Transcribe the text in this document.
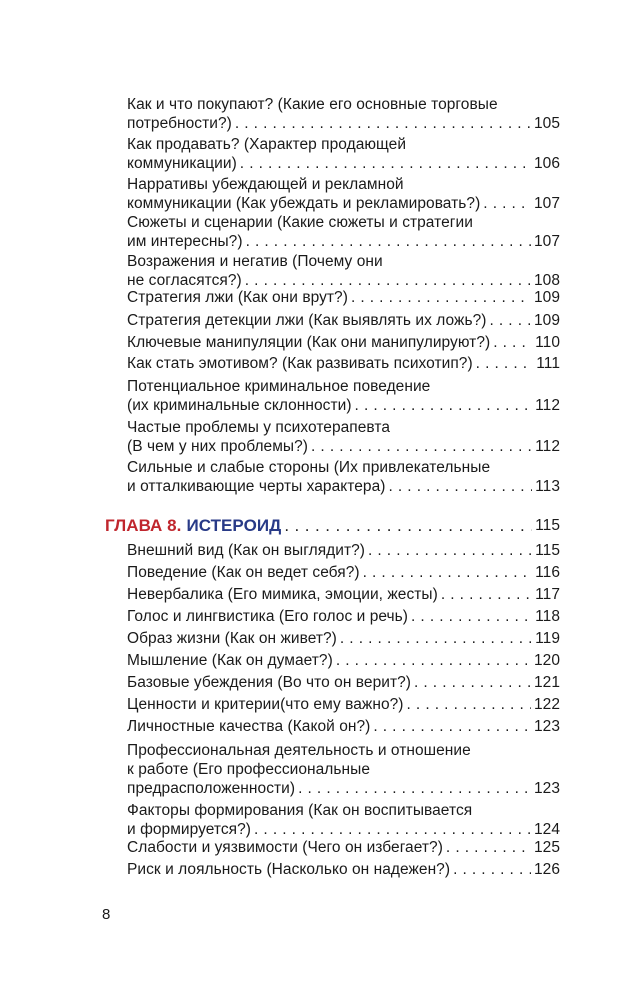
Как и что покупают? (Какие его основные торговые
потребности?) . . .	105
Как продавать? (Характер продающей
коммуникации) . . .	106
Нарративы убеждающей и рекламной
коммуникации (Как убеждать и рекламировать?) . . .	107
Сюжеты и сценарии (Какие сюжеты и стратегии
им интересны?) . . .	107
Возражения и негатив (Почему они
не согласятся?) . . .	108
Стратегия лжи (Как они врут?) . . .	109
Стратегия детекции лжи (Как выявлять их ложь?) . . .	109
Ключевые манипуляции (Как они манипулируют?) . . .	110
Как стать эмотивом? (Как развивать психотип?) . . .	111
Потенциальное криминальное поведение
(их криминальные склонности) . . .	112
Частые проблемы у психотерапевта
(В чем у них проблемы?) . . .	112
Сильные и слабые стороны (Их привлекательные
и отталкивающие черты характера) . . .	113
ГЛАВА 8. ИСТЕРОИД . . .	115
Внешний вид (Как он выглядит?) . . .	115
Поведение (Как он ведет себя?) . . .	116
Невербалика (Его мимика, эмоции, жесты) . . .	117
Голос и лингвистика (Его голос и речь) . . .	118
Образ жизни (Как он живет?) . . .	119
Мышление (Как он думает?) . . .	120
Базовые убеждения (Во что он верит?) . . .	121
Ценности и критерии(что ему важно?) . . .	122
Личностные качества (Какой он?) . . .	123
Профессиональная деятельность и отношение
к работе (Его профессиональные
предрасположенности) . . .	123
Факторы формирования (Как он воспитывается
и формируется?) . . .	124
Слабости и уязвимости (Чего он избегает?) . . .	125
Риск и лояльность (Насколько он надежен?) . . .	126
8
